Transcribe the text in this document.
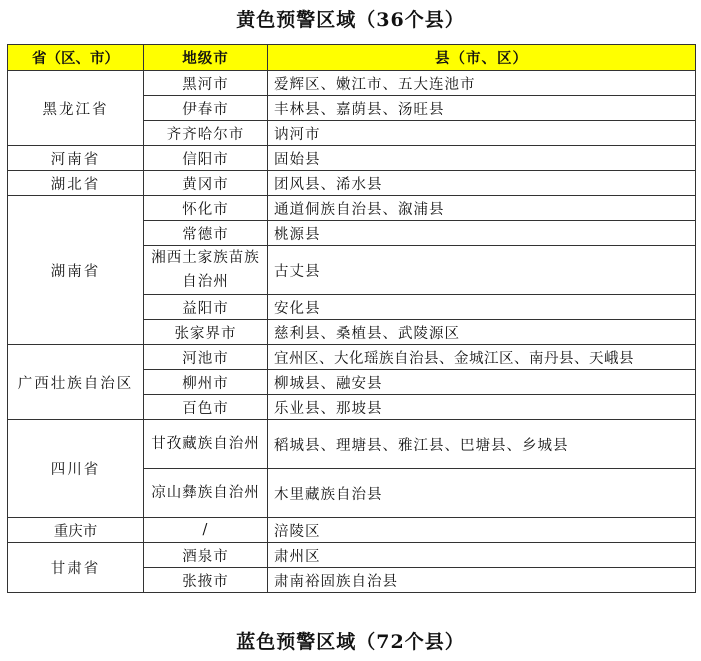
黄色预警区域（36个县）
省（区、市）	地级市	县（市、区）
黑龙江省	黑河市	爱辉区、嫩江市、五大连池市
	伊春市	丰林县、嘉荫县、汤旺县
	齐齐哈尔市	讷河市
河南省	信阳市	固始县
湖北省	黄冈市	团风县、浠水县
湖南省	怀化市	通道侗族自治县、溆浦县
	常德市	桃源县
	湘西土家族苗族自治州	古丈县
	益阳市	安化县
	张家界市	慈利县、桑植县、武陵源区
广西壮族自治区	河池市	宜州区、大化瑶族自治县、金城江区、南丹县、天峨县
	柳州市	柳城县、融安县
	百色市	乐业县、那坡县
四川省	甘孜藏族自治州	稻城县、理塘县、雅江县、巴塘县、乡城县
	凉山彝族自治州	木里藏族自治县
重庆市	/	涪陵区
甘肃省	酒泉市	肃州区
	张掖市	肃南裕固族自治县
蓝色预警区域（72个县）
